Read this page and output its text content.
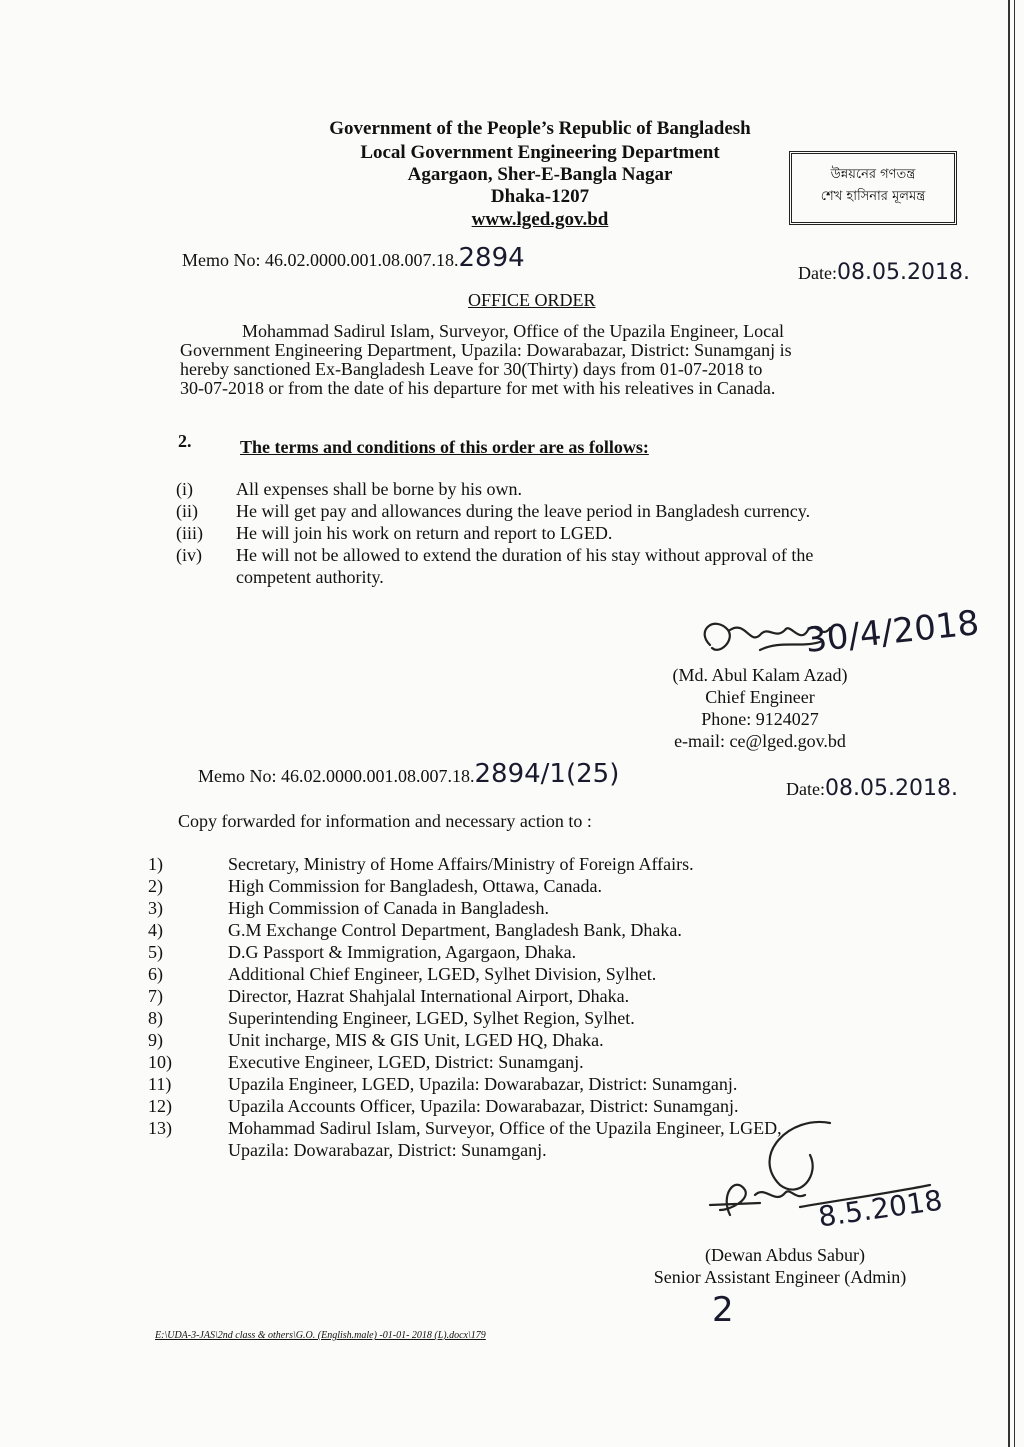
Government of the People’s Republic of Bangladesh
Local Government Engineering Department
Agargaon, Sher-E-Bangla Nagar
Dhaka-1207
www.lged.gov.bd
উন্নয়নের গণতন্ত্র
শেখ হাসিনার মূলমন্ত্র
Memo No: 46.02.0000.001.08.007.18.2894	Date:08.05.2018.
OFFICE ORDER
Mohammad Sadirul Islam, Surveyor, Office of the Upazila Engineer, Local
Government Engineering Department, Upazila: Dowarabazar, District: Sunamganj is
hereby sanctioned Ex-Bangladesh Leave for 30(Thirty) days from 01-07-2018 to
30-07-2018 or from the date of his departure for met with his releatives in Canada.
2.	The terms and conditions of this order are as follows:
(i)	All expenses shall be borne by his own.
(ii)	He will get pay and allowances during the leave period in Bangladesh currency.
(iii)	He will join his work on return and report to LGED.
(iv)	He will not be allowed to extend the duration of his stay without approval of the
competent authority.
30/4/2018
(Md. Abul Kalam Azad)
Chief Engineer
Phone: 9124027
e-mail: ce@lged.gov.bd
Memo No: 46.02.0000.001.08.007.18.2894/1(25)	Date:08.05.2018.
Copy forwarded for information and necessary action to :
1)	Secretary, Ministry of Home Affairs/Ministry of Foreign Affairs.
2)	High Commission for Bangladesh, Ottawa, Canada.
3)	High Commission of Canada in Bangladesh.
4)	G.M Exchange Control Department, Bangladesh Bank, Dhaka.
5)	D.G Passport & Immigration, Agargaon, Dhaka.
6)	Additional Chief Engineer, LGED, Sylhet Division, Sylhet.
7)	Director, Hazrat Shahjalal International Airport, Dhaka.
8)	Superintending Engineer, LGED, Sylhet Region, Sylhet.
9)	Unit incharge, MIS & GIS Unit, LGED HQ, Dhaka.
10)	Executive Engineer, LGED, District: Sunamganj.
11)	Upazila Engineer, LGED, Upazila: Dowarabazar, District: Sunamganj.
12)	Upazila Accounts Officer, Upazila: Dowarabazar, District: Sunamganj.
13)	Mohammad Sadirul Islam, Surveyor, Office of the Upazila Engineer, LGED,
Upazila: Dowarabazar, District: Sunamganj.
8.5.2018
(Dewan Abdus Sabur)
Senior Assistant Engineer (Admin)
2
E:\UDA-3-JAS\2nd class & others\G.O. (English.male) -01-01- 2018 (L).docx\179
